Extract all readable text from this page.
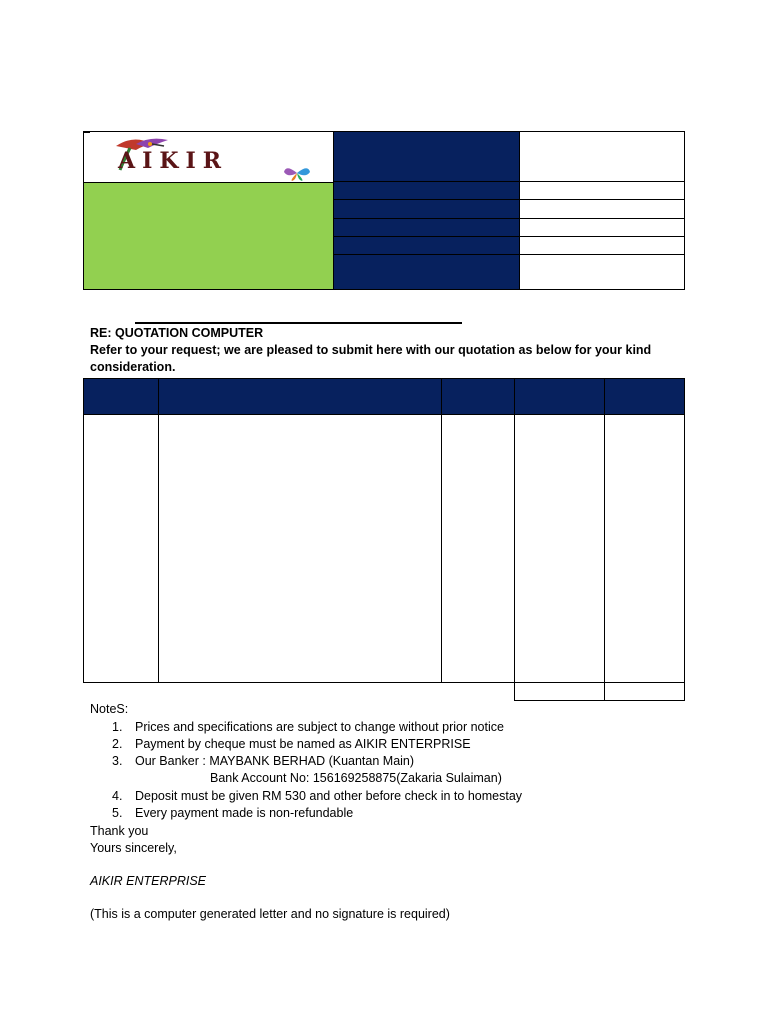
AIKIR
RE: QUOTATION COMPUTER
Refer to your request; we are pleased to submit here with our quotation as below for your kind
consideration.
NoteS:
1. Prices and specifications are subject to change without prior notice
2. Payment by cheque must be named as AIKIR ENTERPRISE
3. Our Banker : MAYBANK BERHAD (Kuantan Main)
Bank Account No: 156169258875(Zakaria Sulaiman)
4. Deposit must be given RM 530 and other before check in to homestay
5. Every payment made is non-refundable
Thank you
Yours sincerely,
AIKIR ENTERPRISE
(This is a computer generated letter and no signature is required)
